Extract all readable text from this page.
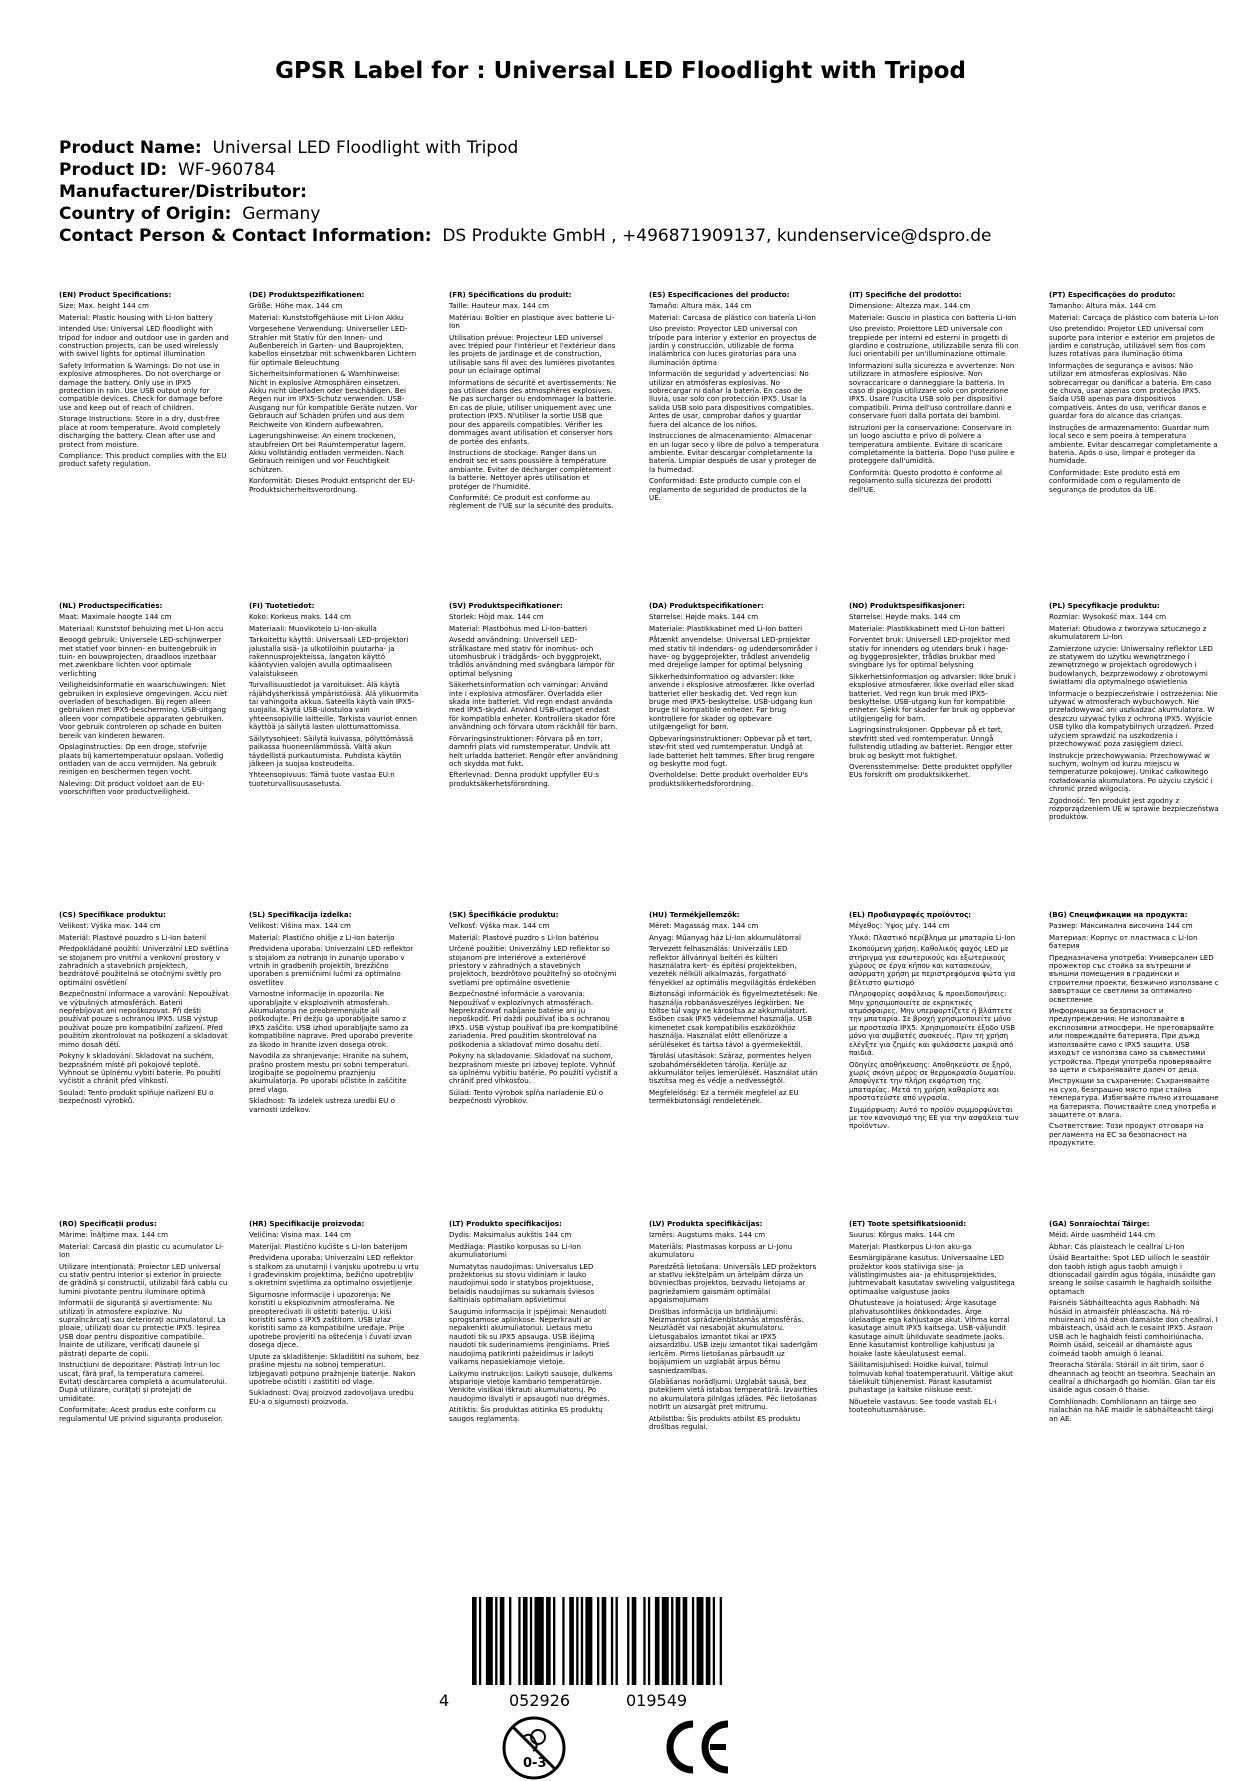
GPSR Label for : Universal LED Floodlight with Tripod
Product Name: Universal LED Floodlight with Tripod
Product ID: WF-960784
Manufacturer/Distributor:
Country of Origin: Germany
Contact Person & Contact Information: DS Produkte GmbH , +496871909137, kundenservice@dspro.de

(EN) Product Specifications:

Size: Max. height 144 cm

Material: Plastic housing with Li-Ion battery

Intended Use: Universal LED floodlight with tripod for indoor and outdoor use in garden and construction projects, can be used wirelessly with swivel lights for optimal illumination

Safety Information & Warnings: Do not use in explosive atmospheres. Do not overcharge or damage the battery. Only use in IPX5 protection in rain. Use USB output only for compatible devices. Check for damage before use and keep out of reach of children.

Storage Instructions: Store in a dry, dust-free place at room temperature. Avoid completely discharging the battery. Clean after use and protect from moisture.

Compliance: This product complies with the EU product safety regulation.

(DE) Produktspezifikationen:

Größe: Höhe max. 144 cm

Material: Kunststoffgehäuse mit Li-Ion Akku

Vorgesehene Verwendung: Universeller LED-Strahler mit Stativ für den Innen- und Außenbereich in Garten- und Bauprojekten, kabellos einsetzbar mit schwenkbaren Lichtern für optimale Beleuchtung

Sicherheitsinformationen & Warnhinweise: Nicht in explosive Atmosphären einsetzen. Akku nicht überladen oder beschädigen. Bei Regen nur im IPX5-Schutz verwenden. USB-Ausgang nur für kompatible Geräte nutzen. Vor Gebrauch auf Schäden prüfen und aus dem Reichweite von Kindern aufbewahren.

Lagerungshinweise: An einem trockenen, staubfreien Ort bei Raumtemperatur lagern. Akku vollständig entladen vermeiden. Nach Gebrauch reinigen und vor Feuchtigkeit schützen.

Konformität: Dieses Produkt entspricht der EU-Produktsicherheitsverordnung.

(FR) Spécifications du produit:

Taille: Hauteur max. 144 cm

Matériau: Boîtier en plastique avec batterie Li-Ion

Utilisation prévue: Projecteur LED universel avec trépied pour l'intérieur et l'extérieur dans les projets de jardinage et de construction, utilisable sans fil avec des lumières pivotantes pour un éclairage optimal

Informations de sécurité et avertissements: Ne pas utiliser dans des atmosphères explosives. Ne pas surcharger ou endommager la batterie. En cas de pluie, utiliser uniquement avec une protection IPX5. N'utiliser la sortie USB que pour des appareils compatibles. Vérifier les dommages avant utilisation et conserver hors de portée des enfants.

Instructions de stockage: Ranger dans un endroit sec et sans poussière à température ambiante. Éviter de décharger complètement la batterie. Nettoyer après utilisation et protéger de l'humidité.

Conformité: Ce produit est conforme au règlement de l'UE sur la sécurité des produits.

(ES) Especificaciones del producto:

Tamaño: Altura máx. 144 cm

Material: Carcasa de plástico con batería Li-Ion

Uso previsto: Proyector LED universal con trípode para interior y exterior en proyectos de jardín y construcción, utilizable de forma inalámbrica con luces giratorias para una iluminación óptima

Información de seguridad y advertencias: No utilizar en atmósferas explosivas. No sobrecargar ni dañar la batería. En caso de lluvia, usar solo con protección IPX5. Usar la salida USB solo para dispositivos compatibles. Antes de usar, comprobar daños y guardar fuera del alcance de los niños.

Instrucciones de almacenamiento: Almacenar en un lugar seco y libre de polvo a temperatura ambiente. Evitar descargar completamente la batería. Limpiar después de usar y proteger de la humedad.

Conformidad: Este producto cumple con el reglamento de seguridad de productos de la UE.

(IT) Specifiche del prodotto:

Dimensione: Altezza max. 144 cm

Materiale: Guscio in plastica con batteria Li-Ion

Uso previsto: Proiettore LED universale con treppiede per interni ed esterni in progetti di giardino e costruzione, utilizzabile senza fili con luci orientabili per un'illuminazione ottimale

Informazioni sulla sicurezza e avvertenze: Non utilizzare in atmosfere esplosive. Non sovraccaricare o danneggiare la batteria. In caso di pioggia utilizzare solo con protezione IPX5. Usare l'uscita USB solo per dispositivi compatibili. Prima dell'uso controllare danni e conservare fuori dalla portata dei bambini.

Istruzioni per la conservazione: Conservare in un luogo asciutto e privo di polvere a temperatura ambiente. Evitare di scaricare completamente la batteria. Dopo l'uso pulire e proteggere dall'umidità.

Conformità: Questo prodotto è conforme al regolamento sulla sicurezza dei prodotti dell'UE.

(PT) Especificações do produto:

Tamanho: Altura máx. 144 cm

Material: Carcaça de plástico com bateria Li-Ion

Uso pretendido: Projetor LED universal com suporte para interior e exterior em projetos de jardim e construção, utilizável sem fios com luzes rotativas para iluminação ótima

Informações de segurança e avisos: Não utilizar em atmosferas explosivas. Não sobrecarregar ou danificar a bateria. Em caso de chuva, usar apenas com proteção IPX5. Saída USB apenas para dispositivos compatíveis. Antes do uso, verificar danos e guardar fora do alcance das crianças.

Instruções de armazenamento: Guardar num local seco e sem poeira à temperatura ambiente. Evitar descarregar completamente a bateria. Após o uso, limpar e proteger da humidade.

Conformidade: Este produto está em conformidade com o regulamento de segurança de produtos da UE.

(NL) Productspecificaties:

Maat: Maximale hoogte 144 cm

Materiaal: Kunststof behuizing met Li-Ion accu

Beoogd gebruik: Universele LED-schijnwerper met statief voor binnen- en buitengebruik in tuin- en bouwprojecten, draadloos inzetbaar met zwenkbare lichten voor optimale verlichting

Veiligheidsinformatie en waarschuwingen: Niet gebruiken in explosieve omgevingen. Accu niet overladen of beschadigen. Bij regen alleen gebruiken met IPX5-bescherming. USB-uitgang alleen voor compatibele apparaten gebruiken. Voor gebruik controleren op schade en buiten bereik van kinderen bewaren.

Opslaginstructies: Op een droge, stofvrije plaats bij kamertemperatuur opslaan. Volledig ontladen van de accu vermijden. Na gebruik reinigen en beschermen tegen vocht.

Naleving: Dit product voldoet aan de EU-voorschriften voor productveiligheid.

(FI) Tuotetiedot:

Koko: Korkeus maks. 144 cm

Materiaali: Muovikotelo Li-Ion-akulla

Tarkoitettu käyttö: Universaali LED-projektori jalustalla sisä- ja ulkotiloihin puutarha- ja rakennusprojekteissa, langaton käyttö kääntyvien valojen avulla optimaaliseen valaistukseen

Turvallisuustiedot ja varoitukset: Älä käytä räjähdysherkissä ympäristöissä. Älä ylikuormita tai vahingoita akkua. Sateella käytä vain IPX5-suojalla. Käytä USB-ulostuloa vain yhteensopiville laitteille. Tarkista vauriot ennen käyttöä ja säilytä lasten ulottumattomissa.

Säilytysohjeet: Säilytä kuivassa, pölyttömässä paikassa huoneenlämmössä. Vältä akun täydellistä purkautumista. Puhdista käytön jälkeen ja suojaa kosteudelta.

Yhteensopivuus: Tämä tuote vastaa EU:n tuoteturvallisuusasetusta.

(SV) Produktspecifikationer:

Storlek: Höjd max. 144 cm

Material: Plastbohus med Li-Ion-batteri

Avsedd användning: Universell LED-strålkastare med stativ för inomhus- och utomhusbruk i trädgårds- och byggprojekt, trådlös användning med svängbara lampor för optimal belysning

Säkerhetsinformation och varningar: Använd inte i explosiva atmosfärer. Överladda eller skada inte batteriet. Vid regn endast använda med IPX5-skydd. Använd USB-uttaget endast för kompatibla enheter. Kontrollera skador före användning och förvara utom räckhåll för barn.

Förvaringsinstruktioner: Förvara på en torr, damnfri plats vid rumstemperatur. Undvik att helt urladda batteriet. Rengör efter användning och skydda mot fukt.

Efterlevnad: Denna produkt uppfyller EU:s produktsäkerhetsförordning.

(DA) Produktspecifikationer:

Størrelse: Højde maks. 144 cm

Materiale: Plastikkabinet med Li-Ion batteri

Påtænkt anvendelse: Universal LED-projektør med stativ til indendørs- og udendørsområder i have- og byggeprojekter, trådløst anvendelig med drejelige lamper for optimal belysning

Sikkerhedsinformation og advarsler: Ikke anvende i eksplosive atmosfærer. Ikke overlad batteriet eller beskadig det. Ved regn kun brugе med IPX5-beskyttelse. USB-udgang kun bruge til kompatible enheder. Før brug kontrollere for skader og opbevare utilgængeligt for børn.

Opbevaringsinstruktioner: Opbevar på et tørt, støv-frit sted ved rumtemperatur. Undgå at lade batteriet helt tømmes. Efter brug rengøre og beskytte mod fugt.

Overholdelse: Dette produkt overholder EU's produktsikkerhedsforordning.

(NO) Produktspesifikasjoner:

Størrelse: Høyde maks. 144 cm

Materiale: Plastikkabinett med Li-Ion batteri

Forventet bruk: Universell LED-projektor med stativ for innendørs og utendørs bruk i hage- og byggeprosjekter, trådløs brukbar med svingbare lys for optimal belysning

Sikkerhetsinformasjon og advarsler: Ikke bruk i eksplosive atmosfærer. Ikke overlad eller skad batteriet. Ved regn kun bruk med IPX5-beskyttelse. USB-utgang kun for kompatible enheter. Sjekk for skader før bruk og oppbevar utilgjengelig for barn.

Lagringsinstruksjoner: Oppbevar på et tørt, støvfritt sted ved romtemperatur. Unngå fullstendig utlading av batteriet. Rengjør etter bruk og beskytt mot fuktighet.

Overensstemmelse: Dette produktet oppfyller EUs forskrift om produktsikkerhet.

(PL) Specyfikacje produktu:

Rozmiar: Wysokość max. 144 cm

Materiał: Obudowa z tworzywa sztucznego z akumulatorem Li-Ion

Zamierzone użycie: Uniwersalny reflektor LED ze statywem do użytku wewnętrznego i zewnętrznego w projektach ogrodowych i budowlanych, bezprzewodowy z obrotowymi światłami dla optymalnego oświetlenia

Informacje o bezpieczeństwie i ostrzeżenia: Nie używać w atmosferach wybuchowych. Nie przeładowywać ani uszkadzać akumulatora. W deszczu używać tylko z ochroną IPX5. Wyjście USB tylko dla kompatybilnych urządzeń. Przed użyciem sprawdzić na uszkodzenia i przechowywać poza zasięgiem dzieci.

Instrukcje przechowywania: Przechowywać w suchym, wolnym od kurzu miejscu w temperaturze pokojowej. Unikać całkowitego rozładowania akumulatora. Po użyciu czyścić i chronić przed wilgocią.

Zgodność: Ten produkt jest zgodny z rozporządzeniem UE w sprawie bezpieczeństwa produktów.

(CS) Specifikace produktu:

Velikost: Výška max. 144 cm

Materiál: Plastové pouzdro s Li-Ion baterií

Předpokládané použití: Univerzální LED světlina se stojanem pro vnitřní a venkovní prostory v zahradních a stavebních projektech, bezdrátově použitelná se otočnými světly pro optimální osvětlení

Bezpečnostní informace a varování: Nepoužívat ve výbušných atmosférách. Baterii nepřebíjovat ani nepoškozovat. Při dešti používat pouze s ochranou IPX5. USB výstup používat pouze pro kompatibilní zařízení. Před použitím zkontrolovat na poškození a skladovat mimo dosah dětí.

Pokyny k skladování: Skladovat na suchém, bezprašném místě při pokojové teplotě. Vyhnout se úplnému vybití baterie. Po použití vyčistit a chránit před vlhkostí.

Soulad: Tento produkt splňuje nařízení EU o bezpečnosti výrobků.

(SL) Specifikacija izdelka:

Velikost: Višina max. 144 cm

Material: Plastično ohišje z Li-Ion baterijo

Predvidena uporaba: Univerzalni LED reflektor s stojalom za notranjo in zunanjo uporabo v vrtnih in gradbenih projektih, brezžično uporaben s premičnimi lučmi za optimalno osvetlitev

Varnostne informacije in opozorila: Ne uporabljajte v eksplozivnih atmosferah. Akumulatorja ne preobremenjujte ali poškodujte. Pri dežju ga uporabljajte samo z IPX5 zaščito. USB izhod uporabljajte samo za kompatibilne naprave. Pred uporabo preverite za škodo in hranite izven dosega otrok.

Navodila za shranjevanje: Hranite na suhem, prašno prostem mestu pri sobni temperaturi. Izogibajte se popolnemu praznjenju akumulatorja. Po uporabi očistite in zaščitite pred vlago.

Skladnost: Ta izdelek ustreza uredbi EU o varnosti izdelkov.

(SK) Špecifikácie produktu:

Veľkosť: Výška max. 144 cm

Materiál: Plastové puzdro s Li-Ion batériou

Určené použitie: Univerzálny LED reflektor so stojanom pre interiérové a exteriérové priestory v záhradných a stavebných projektoch, bezdrôtovo použiteľný so otočnými svetlami pre optimálne osvetlenie

Bezpečnostné informácie a varovania: Nepoužívať v explozívnych atmosférach. Neprekračovať nabíjanie batérie ani ju nepoškodiť. Pri daždi používať iba s ochranou IPX5. USB výstup používať iba pre kompatibilné zariadenia. Pred použitím skontrolovať na poškodenia a skladovať mimo dosahu detí.

Pokyny na skladovanie: Skladovať na suchom, bezprašnom mieste pri izbovej teplote. Vyhnúť sa úplnému vybitiu batérie. Po použití vyčistiť a chrániť pred vlhkosťou.

Súlad: Tento výrobok spĺňa nariadenie EÚ o bezpečnosti výrobkov.

(HU) Termékjellemzők:

Méret: Magasság max. 144 cm

Anyag: Műanyag ház Li-Ion akkumulátorral

Tervezett felhasználás: Univerzális LED reflektor állvánnyal beltéri és kültéri használatra kert- és építési projektekben, vezeték nélküli alkalmazás, forgatható fényekkel az optimális megvilágítás érdekében

Biztonsági információk és figyelmeztetések: Ne használja robbanásveszélyes légkörben. Ne töltse túl vagy ne károsítsa az akkumulátort. Esőben csak IPX5 védelemmel használja. USB kimenetet csak kompatibilis eszközökhöz használja. Használat előtt ellenőrizze a sérüléseket és tartsa távol a gyermekektől.

Tárolási utasítások: Száraz, pormentes helyen szobahőmérsékleten tárolja. Kerülje az akkumulátor teljes lemerülését. Használat után tisztítsa meg és védje a nedvességtől.

Megfelelőség: Ez a termék megfelel az EU termékbiztonsági rendeletének.

(EL) Προδιαγραφές προϊόντος:

Μέγεθος: Ύψος μέγ. 144 cm

Υλικό: Πλαστικό περίβλημα με μπαταρία Li-Ion

Σκοπούμενη χρήση: Καθολικός φαχός LED με στήριγμα για εσωτερικούς και εξωτερικούς χώρους σε έργα κήπου και κατασκευών, ασύρματη χρήση με περιστρεφόμενα φώτα για βέλτιστο φωτισμό

Πληροφορίες ασφάλειας & προειδοποιήσεις: Μην χρησιμοποιείτε σε εκρηκτικές ατμόσφαιρες. Μην υπερφορτίζετε ή βλάπτετε την μπαταρία. Σε βροχή χρησιμοποιείτε μόνο με προστασία IPX5. Χρησιμοποιείτε έξοδο USB μόνο για συμβατές συσκευές. Πριν τη χρήση ελέγξτε για ζημιές και φυλάσσετε μακριά από παιδιά.

Οδηγίες αποθήκευσης: Αποθηκεύστε σε ξηρό, χωρίς σκόνη μέρος σε θερμοκρασία δωματίου. Αποφύγετε την πλήρη εκφόρτιση της μπαταρίας. Μετά τη χρήση καθαρίστε και προστατεύστε από υγρασία.

Συμμόρφωση: Αυτό το προϊόν συμμορφώνεται με τον κανονισμό της ΕΕ για την ασφάλεια των προϊόντων.

(BG) Спецификации на продукта:

Размер: Максимална височина 144 cm

Материал: Корпус от пластмаса с Li-Ion батерия

Предназначена употреба: Универсален LED прожектор със стойка за вътрешни и външни помещения в градински и строителни проекти, безжично използване с завъртащи се светлини за оптимално осветление

Информация за безопасност и предупреждения: Не използвайте в експлозивни атмосфери. Не претоварвайте или повреждайте батерията. При дъжд използвайте само с IPX5 защита. USB изходът се използва само за съвместими устройства. Преди употреба проверявайте за щети и съхранявайте далеч от деца.

Инструкции за съхранение: Съхранявайте на сухо, безпрашно място при стайна температура. Избягвайте пълно изтощаване на батерията. Почиствайте след употреба и защитете от влага.

Съответствие: Този продукт отговаря на регламента на ЕС за безопасност на продуктите.

(RO) Specificații produs:

Mărime: Înălțime max. 144 cm

Material: Carcasă din plastic cu acumulator Li-Ion

Utilizare intenționată: Proiector LED universal cu stativ pentru interior și exterior în proiecte de grădină și construcții, utilizabil fără cablu cu lumini pivotante pentru iluminare optimă

Informații de siguranță și avertismente: Nu utilizați în atmosfere explozive. Nu supraîncărcați sau deteriorați acumulatorul. La ploaie, utilizați doar cu protecție IPX5. Ieșirea USB doar pentru dispozitive compatibile. Înainte de utilizare, verificați daunele și păstrați departe de copii.

Instrucțiuni de depozitare: Păstrați într-un loc uscat, fără praf, la temperatura camerei. Evitați descărcarea completă a acumulatorului. După utilizare, curățați și protejați de umiditate.

Conformitate: Acest produs este conform cu regulamentul UE privind siguranța produselor.

(HR) Specifikacije proizvoda:

Veličina: Visina max. 144 cm

Materijal: Plastično kućište s Li-Ion baterijom

Predviđena uporaba: Univerzalni LED reflektor s stalkom za unutarnji i vanjsku upotrebu u vrtu i građevinskim projektima, bežično upotrebljiv s okretnim svjetlima za optimalno osvjetljenje

Sigurnosne informacije i upozorenja: Ne koristiti u eksplozivnim atmosferama. Ne preopterećivati ili oštetiti bateriju. U kiši koristiti samo s IPX5 zaštitom. USB izlaz koristiti samo za kompatibilne uređaje. Prije upotrebe provjeriti na oštećenja i čuvati izvan dosega djece.

Upute za skladištenje: Skladištiti na suhom, bez prašine mjestu na sobnoj temperaturi. Izbjegavati potpuno pražnjenje baterije. Nakon upotrebe očistiti i zaštititi od vlage.

Sukladnost: Ovaj proizvod zadovoljava uredbu EU-a o sigurnosti proizvoda.

(LT) Produkto specifikacijos:

Dydis: Maksimalus aukštis 144 cm

Medžiaga: Plastiko korpusas su Li-Ion akumuliatoriumi

Numatytas naudojimas: Universalus LED prožektorius su stovu vidiniam ir lauko naudojimui sodo ir statybos projektuose, belaidis naudojimas su sukamais šviesos šaltiniais optimaliam apšvietimui

Saugumo informacija ir įspėjimai: Nenaudoti sprogstamose aplinkose. Neperkrauti ar nepakenkti akumuliatoriui. Lietaus metu naudoti tik su IPX5 apsauga. USB išėjimą naudoti tik suderinamiems įrenginiams. Prieš naudojimą patikrinti pažeidimus ir laikyti vaikams nepasiekiamoje vietoje.

Laikymo instrukcijos: Laikyti sausoje, dulkėms atsparioje vietoje kambario temperatūroje. Venkite visiškai iškrauti akumuliatorių. Po naudojimo išvalyti ir apsaugoti nuo drėgmės.

Atitiktis: Šis produktas atitinka ES produktų saugos reglamentą.

(LV) Produkta specifikācijas:

Izmērs: Augstums maks. 144 cm

Materiāls: Plastmasas korpuss ar Li-Jonu akumulatoru

Paredzētā lietošana: Universāls LED prožektors ar statīvu iekštelpām un ārtelpām dārza un būvniecības projektos, bezvadu lietojams ar pagriežamiem gaismām optimālai apgaismojumam

Drošības informācija un brīdinājumi: Neizmantot sprādzienbīstamās atmosfērās. Neuzlādēt vai nesabojāt akumulatoru. Lietusgabalos izmantot tikai ar IPX5 aizsardzību. USB izeju izmantot tikai saderīgām ierīcēm. Pirms lietošanas pārbaudīt uz bojājumiem un uzglabāt ārpus bērnu sasniedzamības.

Glabāšanas norādījumi: Uzglabāt sausā, bez putekļiem vietā istabas temperatūrā. Izvairīties no akumulatora pilnīgas izlādes. Pēc lietošanas notīrīt un aizsargāt pret mitrumu.

Atbilstība: Šis produkts atbilst ES produktu drošības regulai.

(ET) Toote spetsifikatsioonid:

Suurus: Kõrgus maks. 144 cm

Materjal: Plastkorpus Li-Ion aku-ga

Eesmärgipärane kasutus: Universaalne LED prožektor koos statiiviga sise- ja välistingimustes aia- ja ehitusprojektides, juhtmevabalt kasutatav swiveling valgustitega optimaalse valgustuse jaoks

Ohutusteave ja hoiatused: Ärge kasutage plahvatusohtlikes õhkkondades. Ärge ülelaadige ega kahjustage akut. Vihma korral kasutage ainult IPX5 kaitsega. USB-väljundit kasutage ainult ühilduvate seadmete jaoks. Enne kasutamist kontrollige kahjustusi ja hoiake laste käeulatusest eemal.

Säilitamisjuhised: Hoidke kuival, tolmul tolmuvab kohal toatemperatuuril. Vältige akut täielikult tühjenemist. Pärast kasutamist puhastage ja kaitske niiskuse eest.

Nõuetele vastavus: See toode vastab EL-i tooteohutusmääruse.

(GA) Sonraíochtaí Táirge:

Méid: Airde uasmhéid 144 cm

Ábhar: Cás plaisteach le ceallraí Li-Ion

Úsáid Beartaithe: Spot LED uilíoch le seastóir don taobh istigh agus taobh amuigh i dtionscadail gairdín agus tógála, inúsáidte gan sreang le soilse casaimh le haghaidh soilsithe optamach

Faisnéis Sábháilteachta agus Rabhadh: Ná húsáid in atmaisféir phléascacha. Ná ró-mhuirearú nó ná déan damáiste don cheallraí. I mbáisteach, úsáid ach le cosaint IPX5. Asraon USB ach le haghaidh feistí comhoiriúnacha. Roimh úsáid, seiceáil ar dhamáiste agus coimeád taobh amuigh ó leanaí.

Treoracha Stórála: Stóráil in áit tirim, saor ó dheannach ag teocht an tseomra. Seachain an ceallraí a dhíchargadh go hiomlán. Glan tar éis úsáide agus cosain ó thaise.

Comhlíonadh: Comhlíonann an táirge seo rialachán na hAE maidir le sábháilteacht táirgí an AE.

4	052926	019549
0-3
